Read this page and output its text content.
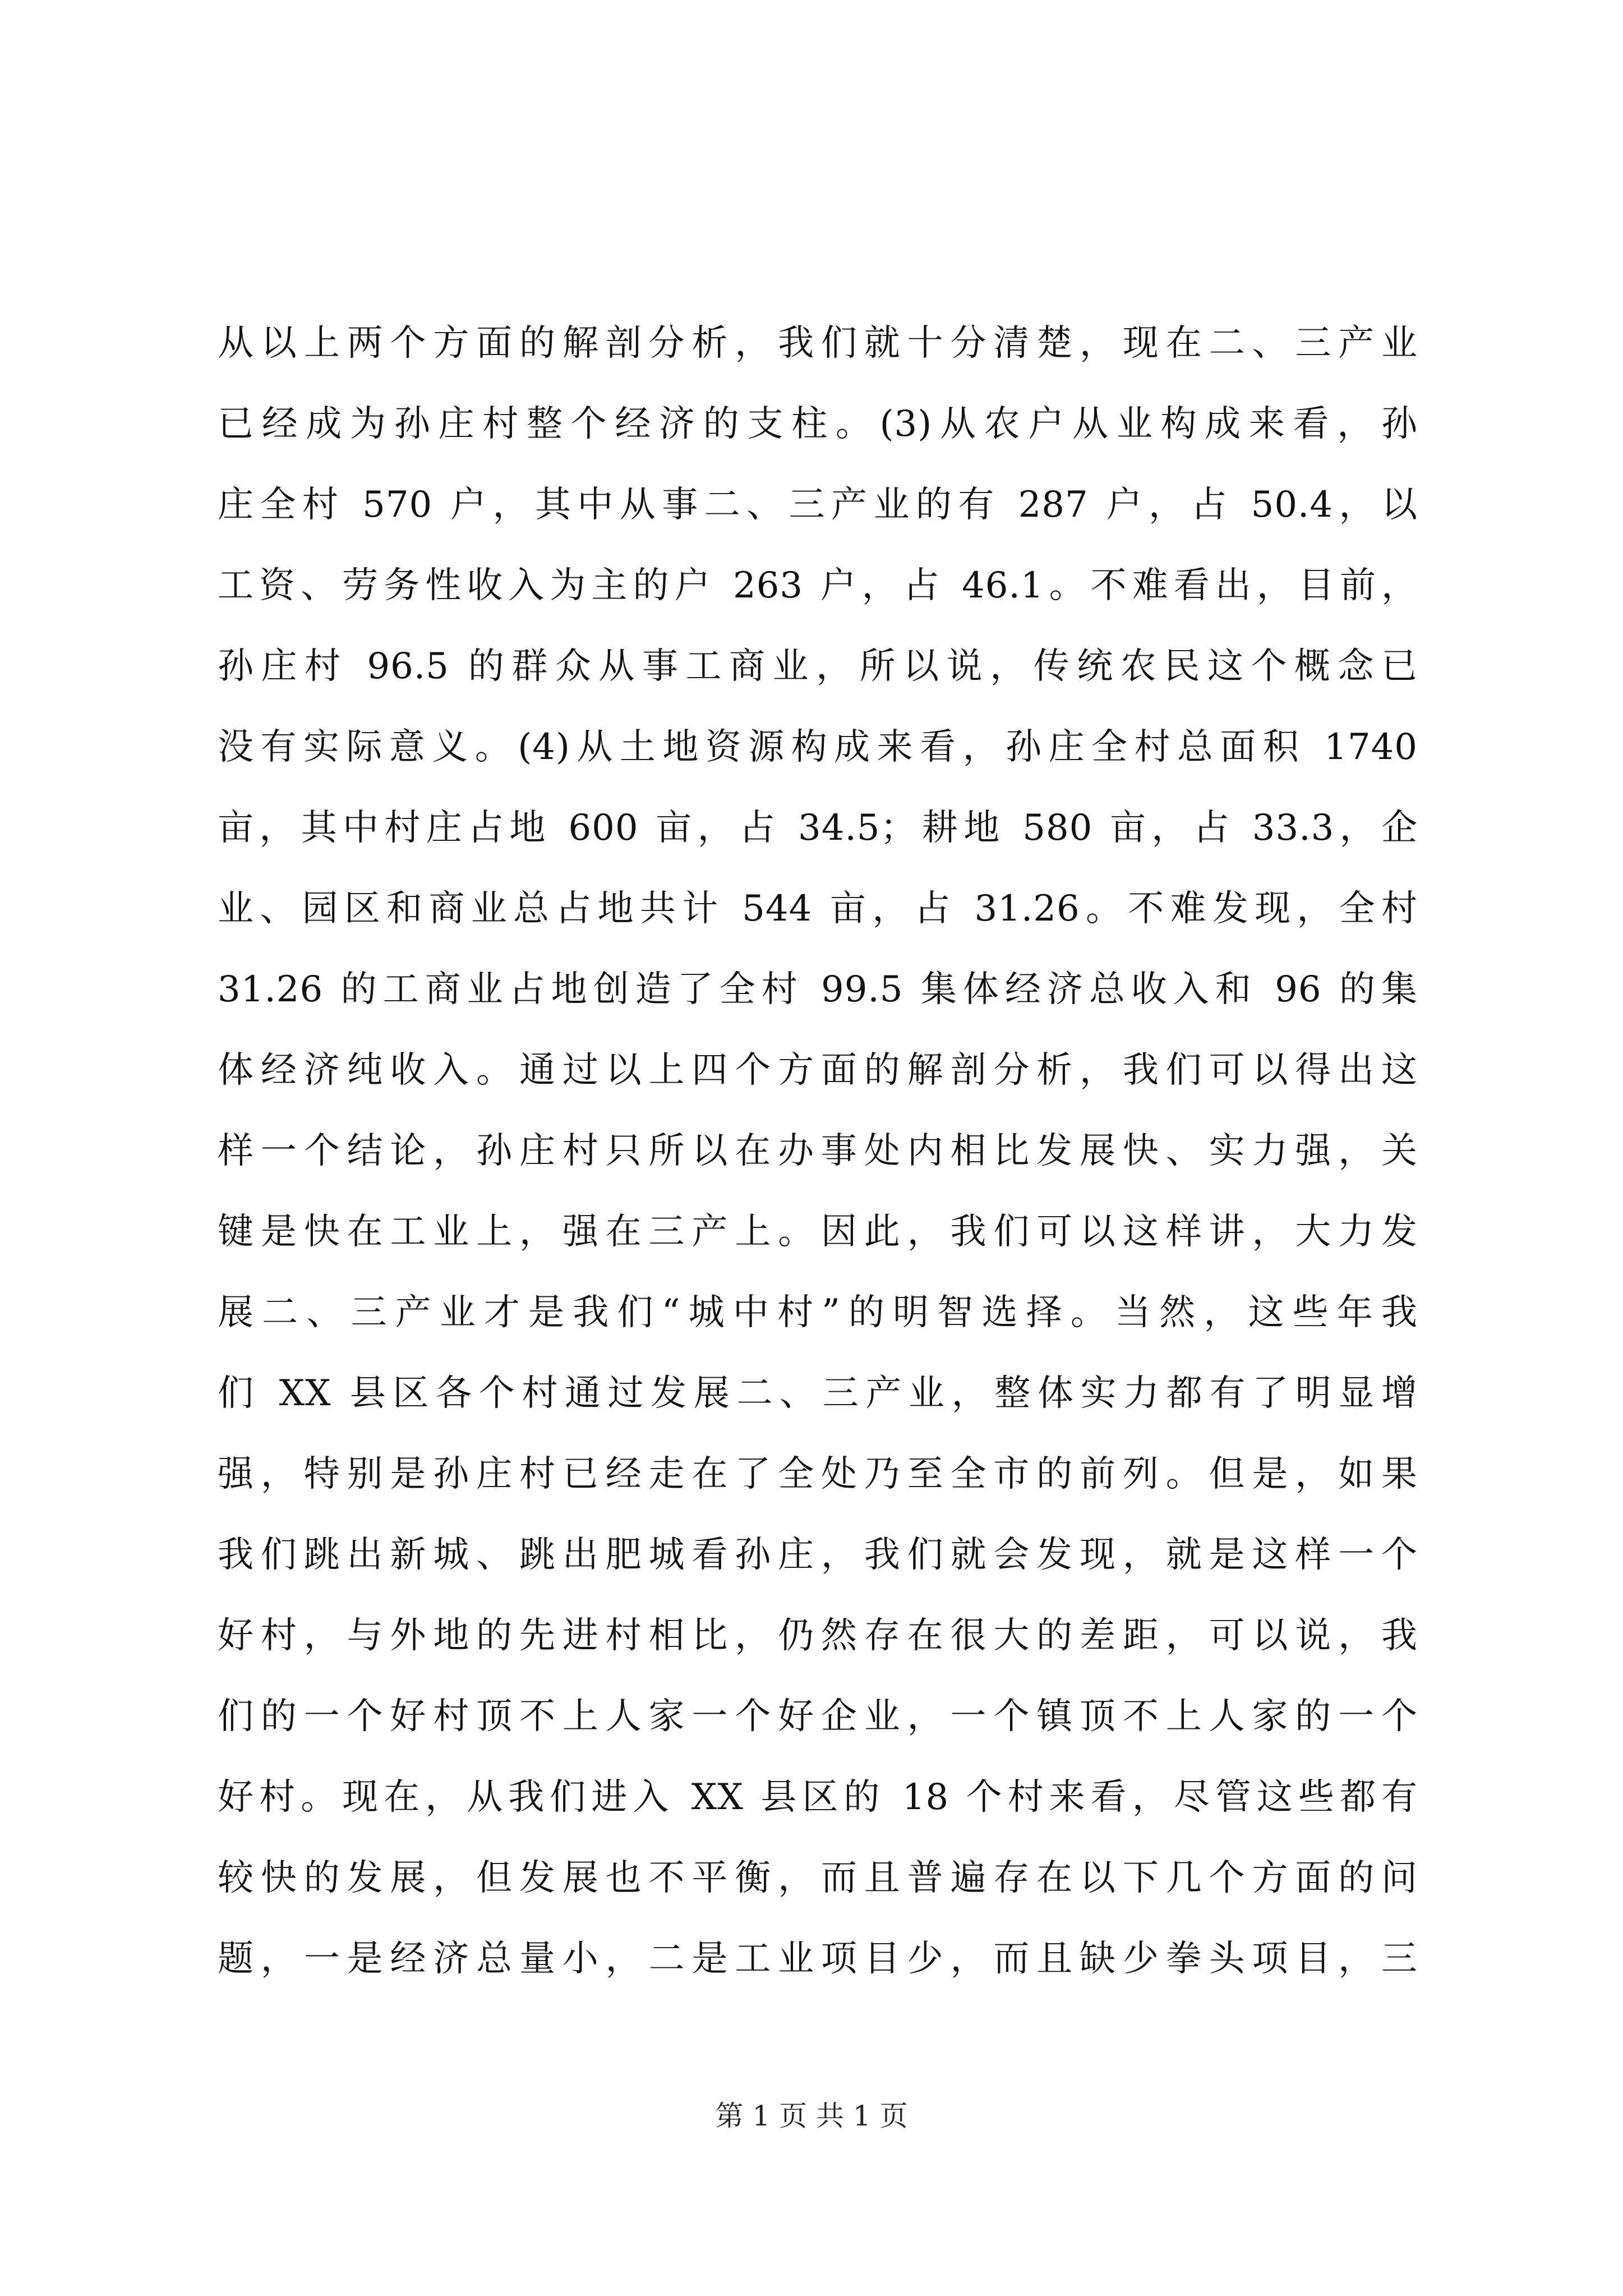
从以上两个方面的解剖分析，我们就十分清楚，现在二、三产业
已经成为孙庄村整个经济的支柱。(3)从农户从业构成来看，孙
庄全村 570 户，其中从事二、三产业的有 287 户，占 50.4，以
工资、劳务性收入为主的户 263 户，占 46.1。不难看出，目前，
孙庄村 96.5 的群众从事工商业，所以说，传统农民这个概念已
没有实际意义。(4)从土地资源构成来看，孙庄全村总面积 1740
亩，其中村庄占地 600 亩，占 34.5；耕地 580 亩，占 33.3，企
业、园区和商业总占地共计 544 亩，占 31.26。不难发现，全村
31.26 的工商业占地创造了全村 99.5 集体经济总收入和 96 的集
体经济纯收入。通过以上四个方面的解剖分析，我们可以得出这
样一个结论，孙庄村只所以在办事处内相比发展快、实力强，关
键是快在工业上，强在三产上。因此，我们可以这样讲，大力发
展二、三产业才是我们“城中村”的明智选择。当然，这些年我
们 XX 县区各个村通过发展二、三产业，整体实力都有了明显增
强，特别是孙庄村已经走在了全处乃至全市的前列。但是，如果
我们跳出新城、跳出肥城看孙庄，我们就会发现，就是这样一个
好村，与外地的先进村相比，仍然存在很大的差距，可以说，我
们的一个好村顶不上人家一个好企业，一个镇顶不上人家的一个
好村。现在，从我们进入 XX 县区的 18 个村来看，尽管这些都有
较快的发展，但发展也不平衡，而且普遍存在以下几个方面的问
题，一是经济总量小，二是工业项目少，而且缺少拳头项目，三
第 1 页 共 1 页
